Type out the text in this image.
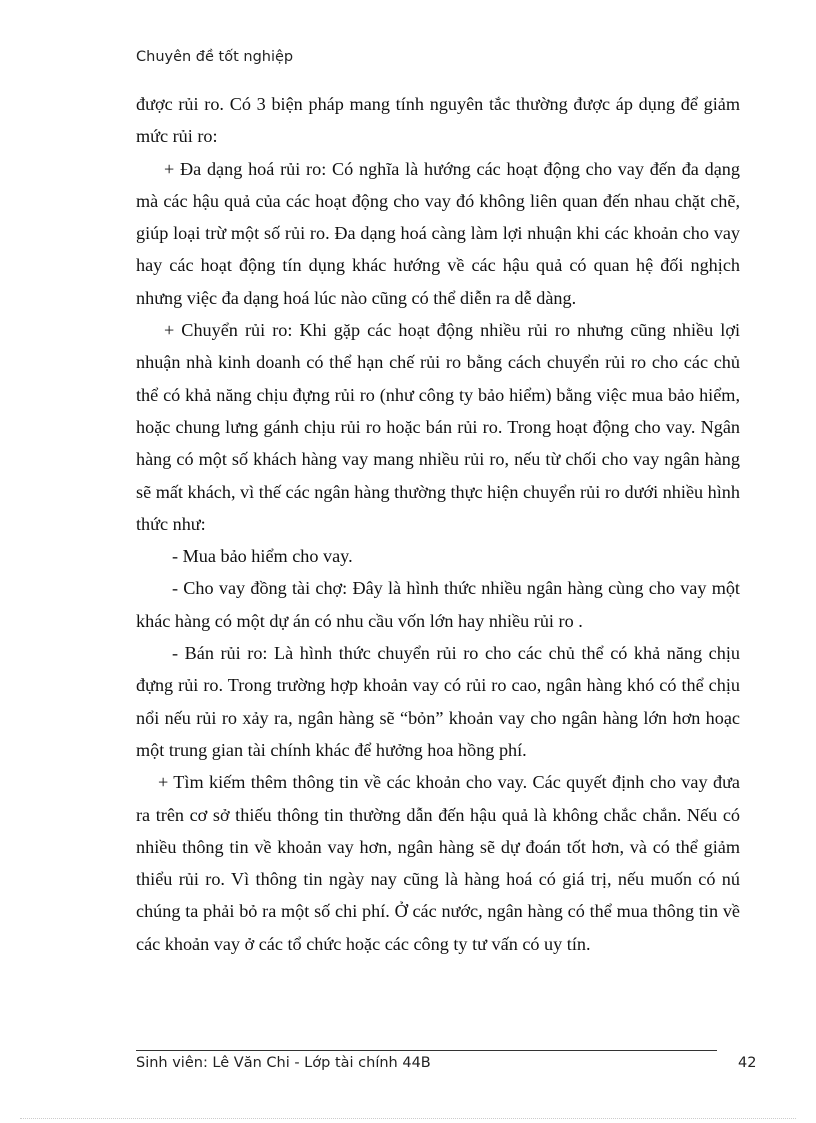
Chuyên đề tốt nghiệp

được rủi ro. Có 3 biện pháp mang tính nguyên tắc thường được áp dụng để giảm mức rủi ro:

+ Đa dạng hoá rủi ro: Có nghĩa là hướng các hoạt động cho vay đến đa dạng mà các hậu quả của các hoạt động cho vay đó không liên quan đến nhau chặt chẽ, giúp loại trừ một số rủi ro. Đa dạng hoá càng làm lợi nhuận khi các khoản cho vay hay các hoạt động tín dụng khác hướng về các hậu quả có quan hệ đối nghịch nhưng việc đa dạng hoá lúc nào cũng có thể diễn ra dễ dàng.

+ Chuyển rủi ro: Khi gặp các hoạt động nhiều rủi ro nhưng cũng nhiều lợi nhuận nhà kinh doanh có thể hạn chế rủi ro bằng cách chuyển rủi ro cho các chủ thể có khả năng chịu đựng rủi ro (như công ty bảo hiểm) bằng việc mua bảo hiểm, hoặc chung lưng gánh chịu rủi ro hoặc bán rủi ro. Trong hoạt động cho vay. Ngân hàng có một số khách hàng vay mang nhiều rủi ro, nếu từ chối cho vay ngân hàng sẽ mất khách, vì thế các ngân hàng thường thực hiện chuyển rủi ro dưới nhiều hình thức như:

- Mua bảo hiểm cho vay.

- Cho vay đồng tài chợ: Đây là hình thức nhiều ngân hàng cùng cho vay một khác hàng có một dự án có nhu cầu vốn lớn hay nhiều rủi ro .

- Bán rủi ro: Là hình thức chuyển rủi ro cho các chủ thể có khả năng chịu đựng rủi ro. Trong trường hợp khoản vay có rủi ro cao, ngân hàng khó có thể chịu nổi nếu rủi ro xảy ra, ngân hàng sẽ “bỏn” khoản vay cho ngân hàng lớn hơn hoạc một trung gian tài chính khác để hưởng hoa hồng phí.

+ Tìm kiếm thêm thông tin về các khoản cho vay. Các quyết định cho vay đưa ra trên cơ sở thiếu thông tin thường dẫn đến hậu quả là không chắc chắn. Nếu có nhiều thông tin về khoản vay hơn, ngân hàng sẽ dự đoán tốt hơn, và có thể giảm thiểu rủi ro. Vì thông tin ngày nay cũng là hàng hoá có giá trị, nếu muốn có nú chúng ta phải bỏ ra một số chi phí. Ở các nước, ngân hàng có thể mua thông tin về các khoản vay ở các tổ chức hoặc các công ty tư vấn có uy tín.

Sinh viên: Lê Văn Chi - Lớp tài chính 44B	42
